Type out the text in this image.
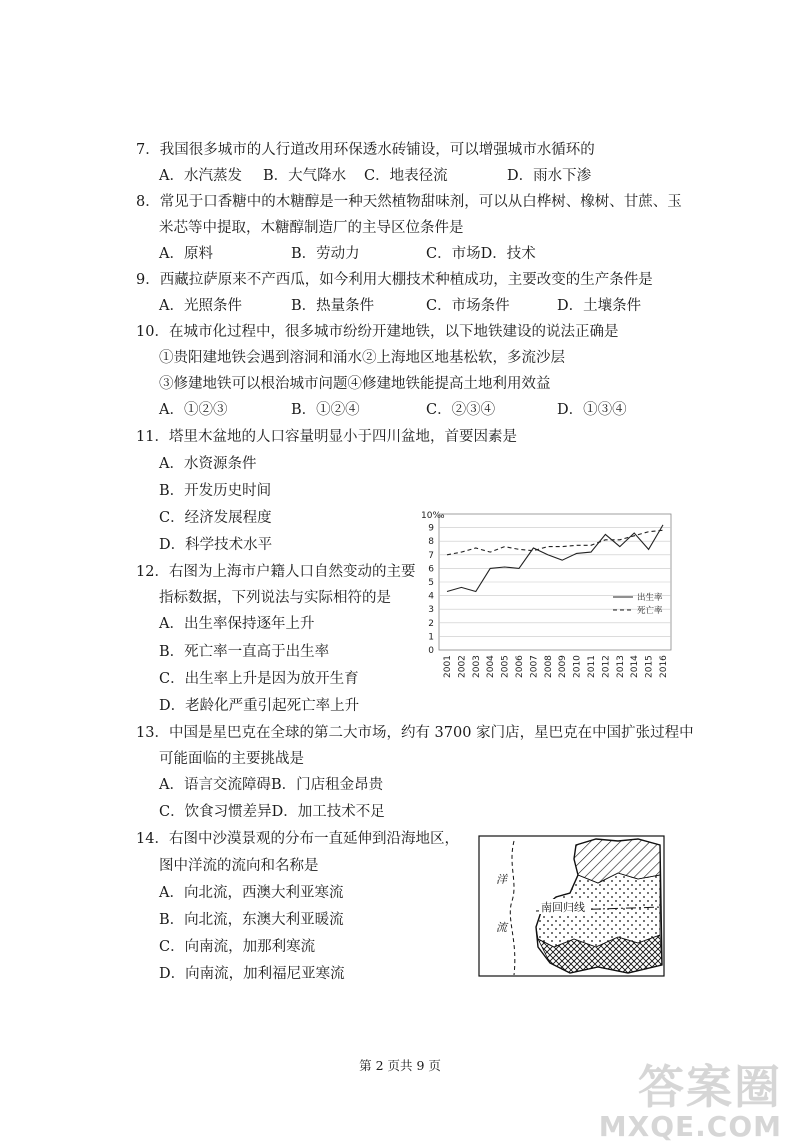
7．我国很多城市的人行道改用环保透水砖铺设，可以增强城市水循环的
A．水汽蒸发 B．大气降水 C．地表径流	D．雨水下渗
8．常见于口香糖中的木糖醇是一种天然植物甜味剂，可以从白桦树、橡树、甘蔗、玉
米芯等中提取，木糖醇制造厂的主导区位条件是
A．原料	B．劳动力	C．市场D．技术
9．西藏拉萨原来不产西瓜，如今利用大棚技术种植成功，主要改变的生产条件是
A．光照条件	B．热量条件	C．市场条件	D．土壤条件
10．在城市化过程中，很多城市纷纷开建地铁，以下地铁建设的说法正确是
①贵阳建地铁会遇到溶洞和涌水②上海地区地基松软，多流沙层
③修建地铁可以根治城市问题④修建地铁能提高土地利用效益
A．①②③	B．①②④	C．②③④	D．①③④
11．塔里木盆地的人口容量明显小于四川盆地，首要因素是
A．水资源条件
B．开发历史时间
C．经济发展程度
D．科学技术水平
12．右图为上海市户籍人口自然变动的主要
指标数据，下列说法与实际相符的是
A．出生率保持逐年上升
B．死亡率一直高于出生率
C．出生率上升是因为放开生育
D．老龄化严重引起死亡率上升
10‰
0
1
2
3
4
5
6
7
8
9
2001 2002 2003 2004 2005 2006 2007 2008 2009 2010 2011 2012 2013 2014 2015 2016
出生率
死亡率
13．中国是星巴克在全球的第二大市场，约有 3700 家门店，星巴克在中国扩张过程中
可能面临的主要挑战是
A．语言交流障碍B．门店租金昂贵
C．饮食习惯差异D．加工技术不足
14．右图中沙漠景观的分布一直延伸到沿海地区，
图中洋流的流向和名称是
A．向北流，西澳大利亚寒流
B．向北流，东澳大利亚暖流
C．向南流，加那利寒流
D．向南流，加利福尼亚寒流
南回归线
洋
流
第 2 页共 9 页	答案圈
MXQE.COM
